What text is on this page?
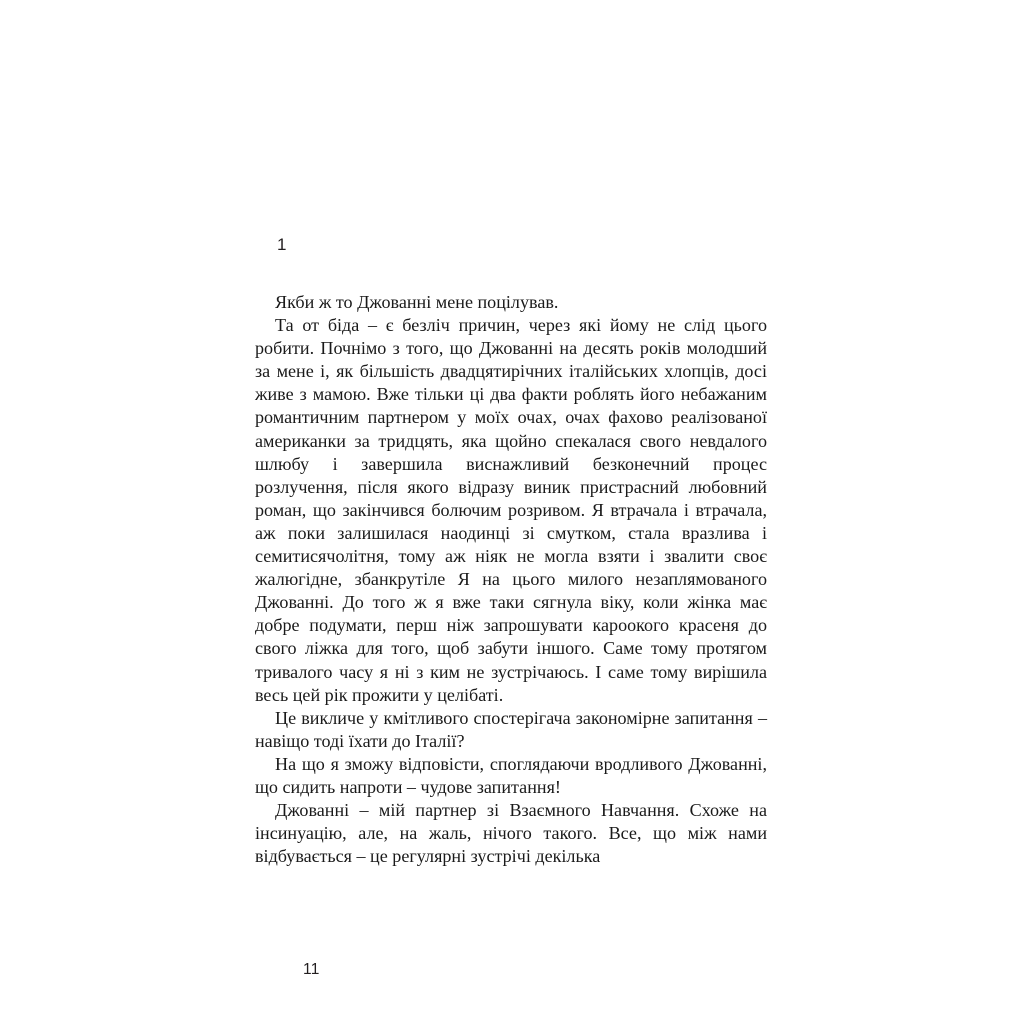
1

Якби ж то Джованні мене поцілував.

Та от біда – є безліч причин, через які йому не слід цього робити. Почнімо з того, що Джованні на десять років молодший за мене і, як більшість двадцятирічних італійських хлопців, досі живе з мамою. Вже тільки ці два факти роблять його небажаним романтичним партнером у моїх очах, очах фахово реалізованої американки за тридцять, яка щойно спекалася свого невдалого шлюбу і завершила виснажливий безконечний процес розлучення, після якого відразу виник пристрасний любовний роман, що закінчився болючим розривом. Я втрачала і втрачала, аж поки залишилася наодинці зі смутком, стала вразлива і семитисячолітня, тому аж ніяк не могла взяти і звалити своє жалюгідне, збанкрутіле Я на цього милого незаплямованого Джованні. До того ж я вже таки сягнула віку, коли жінка має добре подумати, перш ніж запрошувати кароокого красеня до свого ліжка для того, щоб забути іншого. Саме тому протягом тривалого часу я ні з ким не зустрічаюсь. І саме тому вирішила весь цей рік прожити у целібаті.

Це викличе у кмітливого спостерігача закономірне запитання – навіщо тоді їхати до Італії?

На що я зможу відповісти, споглядаючи вродливого Джованні, що сидить напроти – чудове запитання!

Джованні – мій партнер зі Взаємного Навчання. Схоже на інсинуацію, але, на жаль, нічого такого. Все, що між нами відбувається – це регулярні зустрічі декілька

11
